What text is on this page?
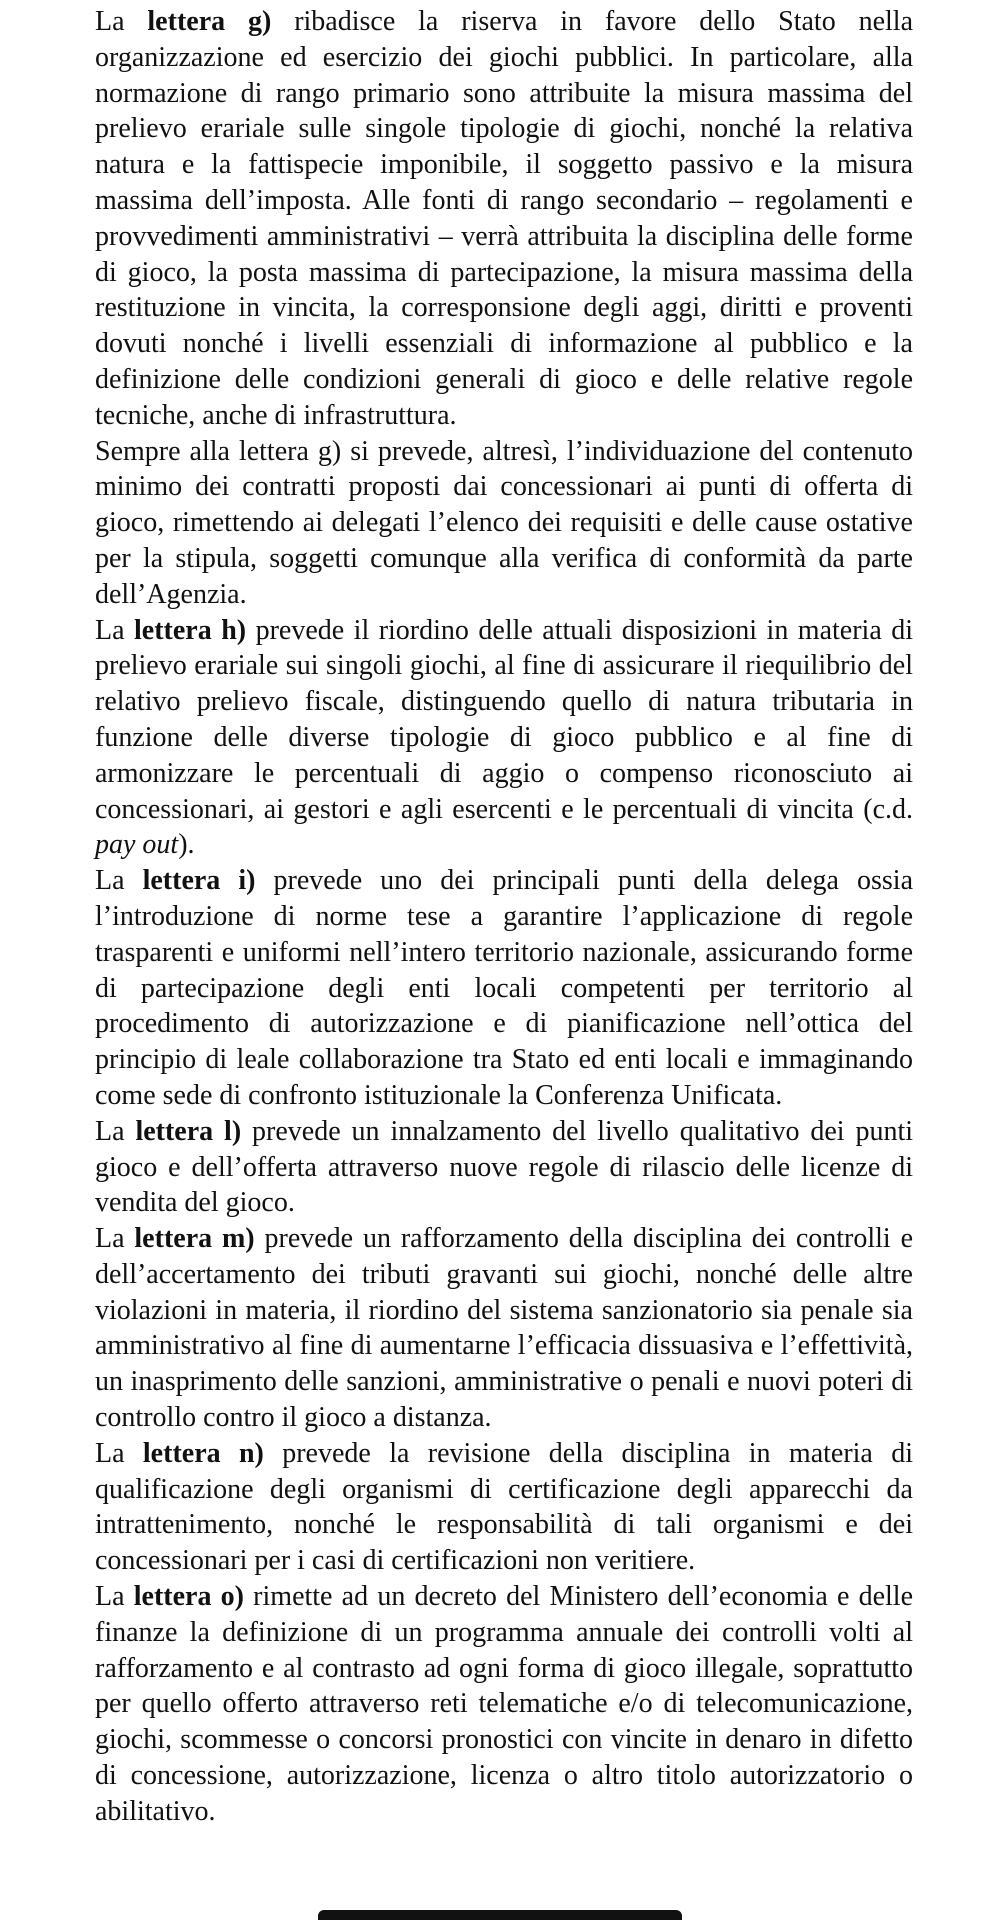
La lettera g) ribadisce la riserva in favore dello Stato nella organizzazione ed esercizio dei giochi pubblici. In particolare, alla normazione di rango primario sono attribuite la misura massima del prelievo erariale sulle singole tipologie di giochi, nonché la relativa natura e la fattispecie imponibile, il soggetto passivo e la misura massima dell’imposta. Alle fonti di rango secondario – regolamenti e provvedimenti amministrativi – verrà attribuita la disciplina delle forme di gioco, la posta massima di partecipazione, la misura massima della restituzione in vincita, la corresponsione degli aggi, diritti e proventi dovuti nonché i livelli essenziali di informazione al pubblico e la definizione delle condizioni generali di gioco e delle relative regole tecniche, anche di infrastruttura.

Sempre alla lettera g) si prevede, altresì, l’individuazione del contenuto minimo dei contratti proposti dai concessionari ai punti di offerta di gioco, rimettendo ai delegati l’elenco dei requisiti e delle cause ostative per la stipula, soggetti comunque alla verifica di conformità da parte dell’Agenzia.

La lettera h) prevede il riordino delle attuali disposizioni in materia di prelievo erariale sui singoli giochi, al fine di assicurare il riequilibrio del relativo prelievo fiscale, distinguendo quello di natura tributaria in funzione delle diverse tipologie di gioco pubblico e al fine di armonizzare le percentuali di aggio o compenso riconosciuto ai concessionari, ai gestori e agli esercenti e le percentuali di vincita (c.d. pay out).

La lettera i) prevede uno dei principali punti della delega ossia l’introduzione di norme tese a garantire l’applicazione di regole trasparenti e uniformi nell’intero territorio nazionale, assicurando forme di partecipazione degli enti locali competenti per territorio al procedimento di autorizzazione e di pianificazione nell’ottica del principio di leale collaborazione tra Stato ed enti locali e immaginando come sede di confronto istituzionale la Conferenza Unificata.

La lettera l) prevede un innalzamento del livello qualitativo dei punti gioco e dell’offerta attraverso nuove regole di rilascio delle licenze di vendita del gioco.

La lettera m) prevede un rafforzamento della disciplina dei controlli e dell’accertamento dei tributi gravanti sui giochi, nonché delle altre violazioni in materia, il riordino del sistema sanzionatorio sia penale sia amministrativo al fine di aumentarne l’efficacia dissuasiva e l’effettività, un inasprimento delle sanzioni, amministrative o penali e nuovi poteri di controllo contro il gioco a distanza.

La lettera n) prevede la revisione della disciplina in materia di qualificazione degli organismi di certificazione degli apparecchi da intrattenimento, nonché le responsabilità di tali organismi e dei concessionari per i casi di certificazioni non veritiere.

La lettera o) rimette ad un decreto del Ministero dell’economia e delle finanze la definizione di un programma annuale dei controlli volti al rafforzamento e al contrasto ad ogni forma di gioco illegale, soprattutto per quello offerto attraverso reti telematiche e/o di telecomunicazione, giochi, scommesse o concorsi pronostici con vincite in denaro in difetto di concessione, autorizzazione, licenza o altro titolo autorizzatorio o abilitativo.
